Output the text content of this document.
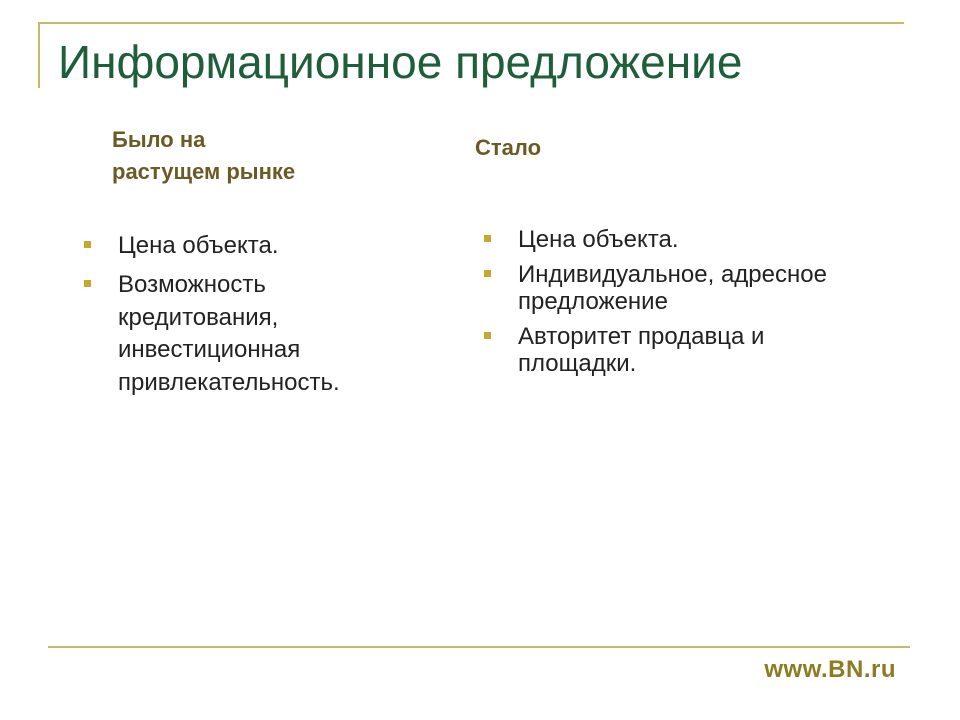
Информационное предложение
Было на
растущем рынке
Стало
Цена объекта.
Возможность кредитования, инвестиционная привлекательность.
Цена объекта.
Индивидуальное, адресное предложение
Авторитет продавца и площадки.
www.BN.ru
